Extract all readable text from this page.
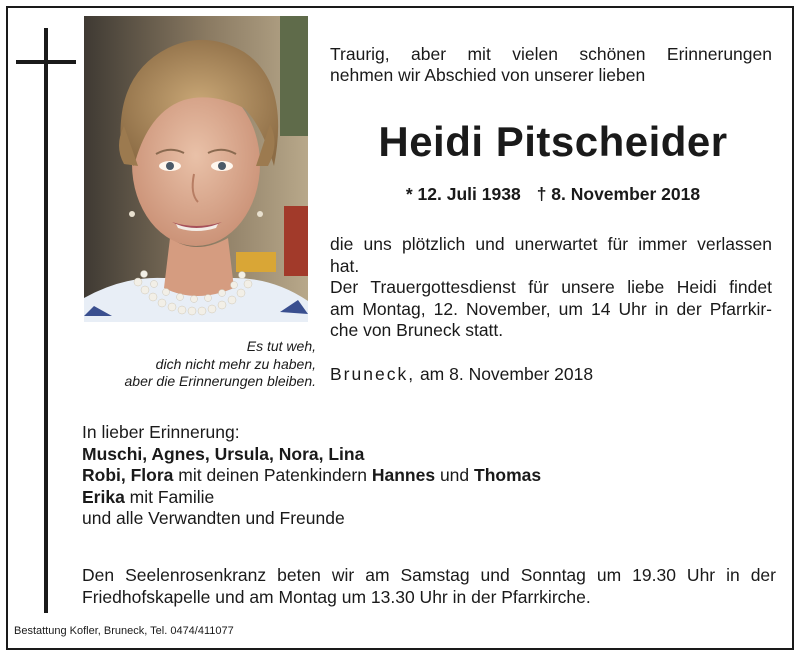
Es tut weh,
dich nicht mehr zu haben,
aber die Erinnerungen bleiben.
Traurig, aber mit vielen schönen Erinnerungen
nehmen wir Abschied von unserer lieben
Heidi Pitscheider
* 12. Juli 1938 † 8. November 2018
die uns plötzlich und unerwartet für immer verlassen
hat.
Der Trauergottesdienst für unsere liebe Heidi findet
am Montag, 12. November, um 14 Uhr in der Pfarrkir-
che von Bruneck statt.
Bruneck, am 8. November 2018
In lieber Erinnerung:
Muschi, Agnes, Ursula, Nora, Lina
Robi, Flora mit deinen Patenkindern Hannes und Thomas
Erika mit Familie
und alle Verwandten und Freunde
Den Seelenrosenkranz beten wir am Samstag und Sonntag um 19.30 Uhr in der
Friedhofskapelle und am Montag um 13.30 Uhr in der Pfarrkirche.
Bestattung Kofler, Bruneck, Tel. 0474/411077
